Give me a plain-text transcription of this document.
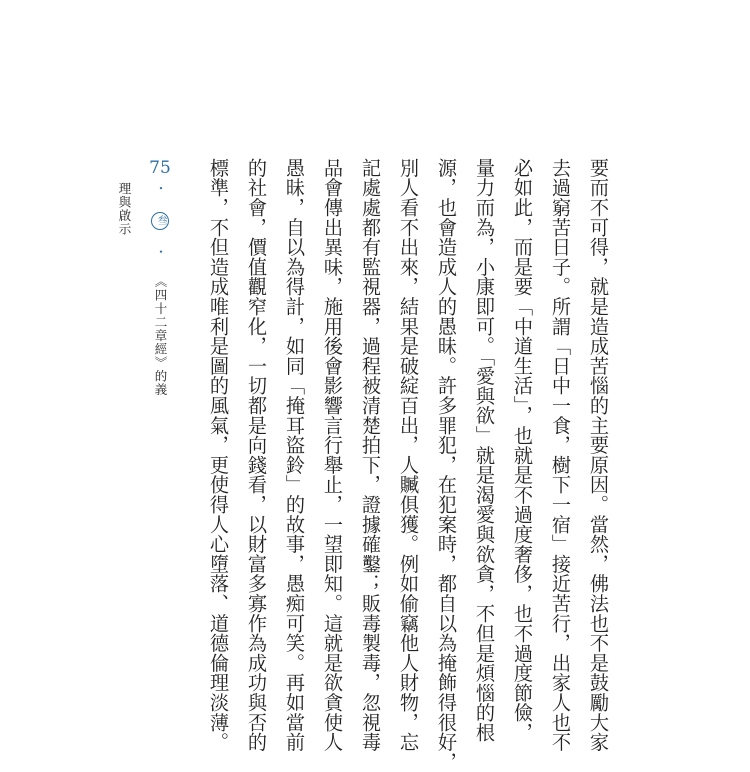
75
・ 叁 ・ 《四十二章經》的義理與啟示	要而不可得，就是造成苦惱的主要原因。當然，佛法也不是鼓勵大家
去過窮苦日子。所謂「日中一食，樹下一宿」接近苦行，出家人也不
必如此，而是要「中道生活」，也就是不過度奢侈，也不過度節儉，
量力而為，小康即可。「愛與欲」就是渴愛與欲貪，不但是煩惱的根
源，也會造成人的愚昧。許多罪犯，在犯案時，都自以為掩飾得很好，
別人看不出來，結果是破綻百出，人贓俱獲。例如偷竊他人財物，忘
記處處都有監視器，過程被清楚拍下，證據確鑿；販毒製毒，忽視毒
品會傳出異味，施用後會影響言行舉止，一望即知。這就是欲貪使人
愚昧，自以為得計，如同「掩耳盜鈴」的故事，愚痴可笑。再如當前
的社會，價值觀窄化，一切都是向錢看，以財富多寡作為成功與否的
標準，不但造成唯利是圖的風氣，更使得人心墮落、道德倫理淡薄。
